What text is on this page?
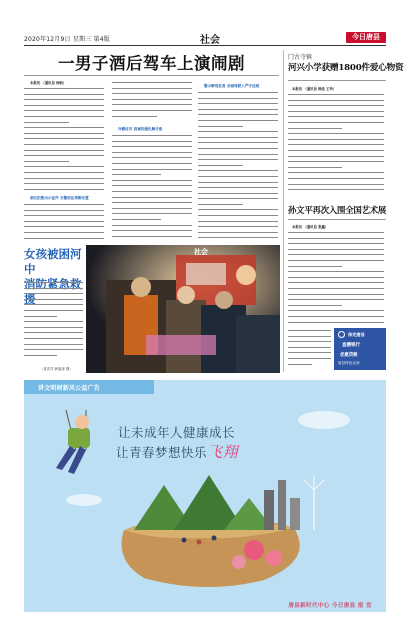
2020年12月9日 星期三 第4版	社会	今日唐县
一男子酒后驾车上演闹剧
本报讯 （通讯员 杨帆）
酒后拒绝出示证件 交警依法果断处置
冷静应对 真诚沟通化解矛盾
警示醉驾危害 劝诫驾驶人严守法规
门古寺镇
河兴小学获赠1800件爱心物资
本报讯 （通讯员 韩佳 王玲）
孙文平再次入围全国艺术展
本报讯 （通讯员 张鑫）
保定唐县
直播银行
优惠贷款
唐县特色农商
女孩被困河中
（喜洋洋 韩旭涛 摄）
社会
讲文明树新风公益广告
让未成年人健康成长
让青春梦想快乐飞翔
唐县新时代中心 今日唐县 报 宣
